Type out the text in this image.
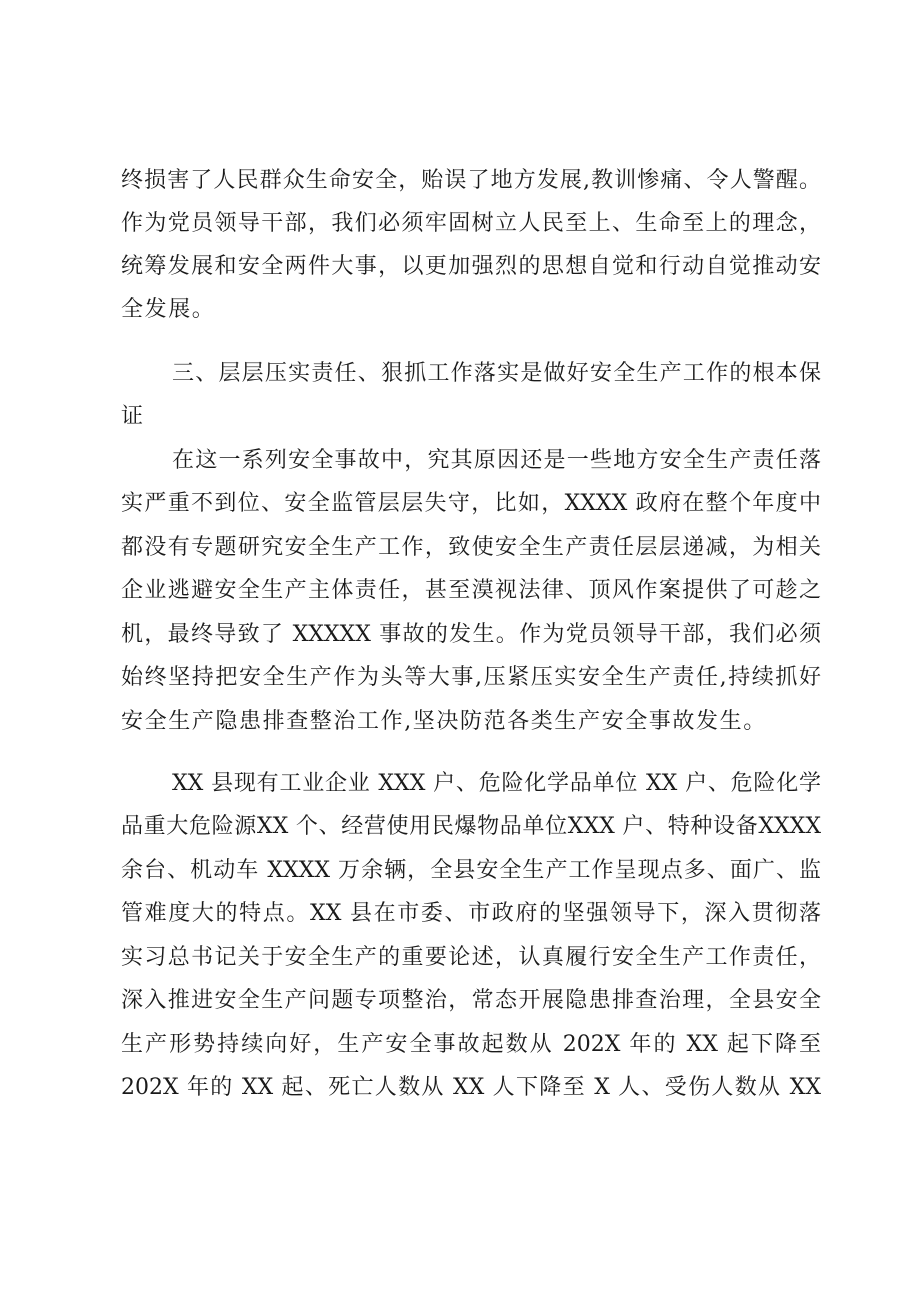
终损害了人民群众生命安全，贻误了地方发展,教训惨痛、令人警醒。
作为党员领导干部，我们必须牢固树立人民至上、生命至上的理念，
统筹发展和安全两件大事，以更加强烈的思想自觉和行动自觉推动安
全发展。
三、层层压实责任、狠抓工作落实是做好安全生产工作的根本保
证
在这一系列安全事故中，究其原因还是一些地方安全生产责任落
实严重不到位、安全监管层层失守，比如，XXXX 政府在整个年度中
都没有专题研究安全生产工作，致使安全生产责任层层递减，为相关
企业逃避安全生产主体责任，甚至漠视法律、顶风作案提供了可趁之
机，最终导致了 XXXXX 事故的发生。作为党员领导干部，我们必须
始终坚持把安全生产作为头等大事,压紧压实安全生产责任,持续抓好
安全生产隐患排查整治工作,坚决防范各类生产安全事故发生。
XX 县现有工业企业 XXX 户、危险化学品单位 XX 户、危险化学
品重大危险源XX 个、经营使用民爆物品单位XXX 户、特种设备XXXX
余台、机动车 XXXX 万余辆，全县安全生产工作呈现点多、面广、监
管难度大的特点。XX 县在市委、市政府的坚强领导下，深入贯彻落
实习总书记关于安全生产的重要论述，认真履行安全生产工作责任，
深入推进安全生产问题专项整治，常态开展隐患排查治理，全县安全
生产形势持续向好，生产安全事故起数从 202X 年的 XX 起下降至
202X 年的 XX 起、死亡人数从 XX 人下降至 X 人、受伤人数从 XX
